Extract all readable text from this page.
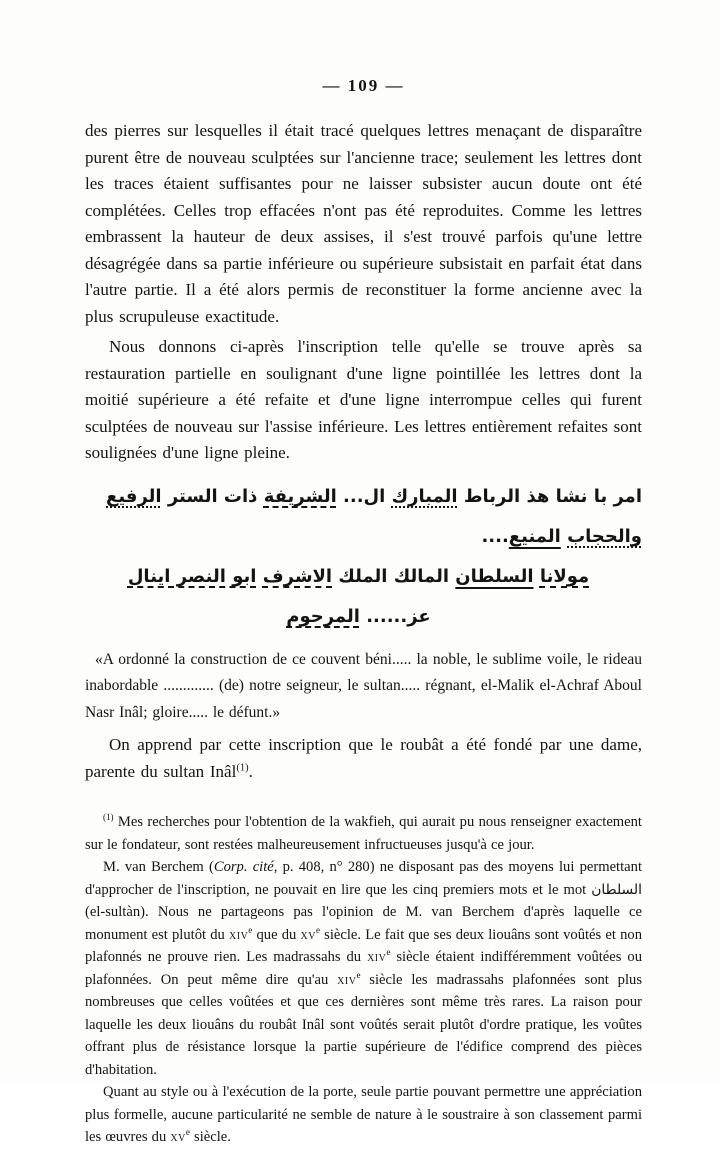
— 109 —

des pierres sur lesquelles il était tracé quelques lettres menaçant de disparaître purent être de nouveau sculptées sur l'ancienne trace; seulement les lettres dont les traces étaient suffisantes pour ne laisser subsister aucun doute ont été complétées. Celles trop effacées n'ont pas été reproduites. Comme les lettres embrassent la hauteur de deux assises, il s'est trouvé parfois qu'une lettre désagrégée dans sa partie inférieure ou supérieure subsistait en parfait état dans l'autre partie. Il a été alors permis de reconstituer la forme ancienne avec la plus scrupuleuse exactitude.

Nous donnons ci-après l'inscription telle qu'elle se trouve après sa restauration partielle en soulignant d'une ligne pointillée les lettres dont la moitié supérieure a été refaite et d'une ligne interrompue celles qui furent sculptées de nouveau sur l'assise inférieure. Les lettres entièrement refaites sont soulignées d'une ligne pleine.

امر با نشا هذ الرباط المبارك ال... الشريفة ذات الستر الرفيع والحجاب المنيع....
مولانا السلطان المالك الملك الاشرف ابو النصر اينال عز...... المرحوم

«A ordonné la construction de ce couvent béni..... la noble, le sublime voile, le rideau inabordable ............. (de) notre seigneur, le sultan..... régnant, el-Malik el-Achraf Aboul Nasr Inâl; gloire..... le défunt.»

On apprend par cette inscription que le roubât a été fondé par une dame, parente du sultan Inâl$^{(1)}$.

$^{(1)}$ Mes recherches pour l'obtention de la wakfieh, qui aurait pu nous renseigner exactement sur le fondateur, sont restées malheureusement infructueuses jusqu'à ce jour.

M. van Berchem (Corp. cité, p. 408, n° 280) ne disposant pas des moyens lui permettant d'approcher de l'inscription, ne pouvait en lire que les cinq premiers mots et le mot السلطان (el-sultàn). Nous ne partageons pas l'opinion de M. van Berchem d'après laquelle ce monument est plutôt du xiv$^e$ que du $xv^e$ siècle. Le fait que ses deux liouâns sont voûtés et non plafonnés ne prouve rien. Les madrassahs du xiv$^e$ siècle étaient indifféremment voûtées ou plafonnées. On peut même dire qu'au xiv$^e$ siècle les madrassahs plafonnées sont plus nombreuses que celles voûtées et que ces dernières sont même très rares. La raison pour laquelle les deux liouâns du roubât Inâl sont voûtés serait plutôt d'ordre pratique, les voûtes offrant plus de résistance lorsque la partie supérieure de l'édifice comprend des pièces d'habitation.

Quant au style ou à l'exécution de la porte, seule partie pouvant permettre une appréciation plus formelle, aucune particularité ne semble de nature à le soustraire à son classement parmi les œuvres du $xv^e$ siècle.
